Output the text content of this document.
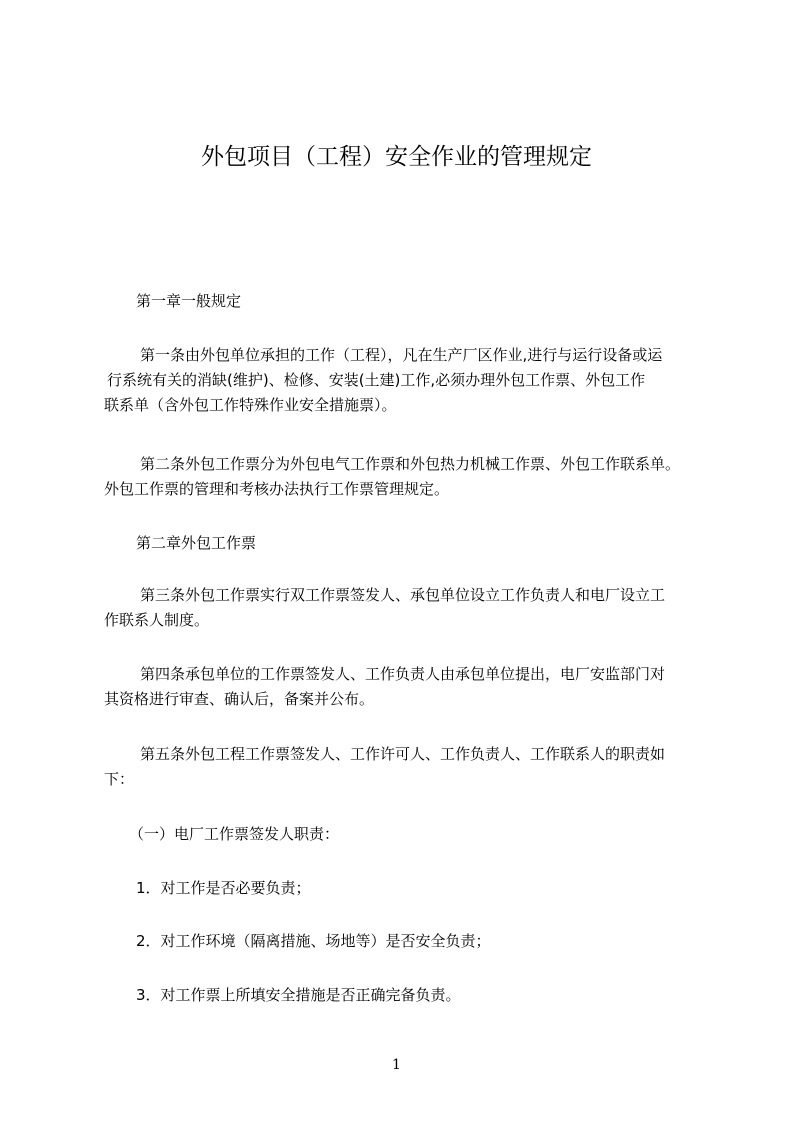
外包项目（工程）安全作业的管理规定
第一章一般规定
第一条由外包单位承担的工作（工程），凡在生产厂区作业,进行与运行设备或运
行系统有关的消缺(维护)、检修、安装(土建)工作,必须办理外包工作票、外包工作
联系单（含外包工作特殊作业安全措施票）。
第二条外包工作票分为外包电气工作票和外包热力机械工作票、外包工作联系单。
外包工作票的管理和考核办法执行工作票管理规定。
第二章外包工作票
第三条外包工作票实行双工作票签发人、承包单位设立工作负责人和电厂设立工
作联系人制度。
第四条承包单位的工作票签发人、工作负责人由承包单位提出，电厂安监部门对
其资格进行审查、确认后，备案并公布。
第五条外包工程工作票签发人、工作许可人、工作负责人、工作联系人的职责如
下：
（一）电厂工作票签发人职责：
1．对工作是否必要负责；
2．对工作环境（隔离措施、场地等）是否安全负责；
3．对工作票上所填安全措施是否正确完备负责。
1
